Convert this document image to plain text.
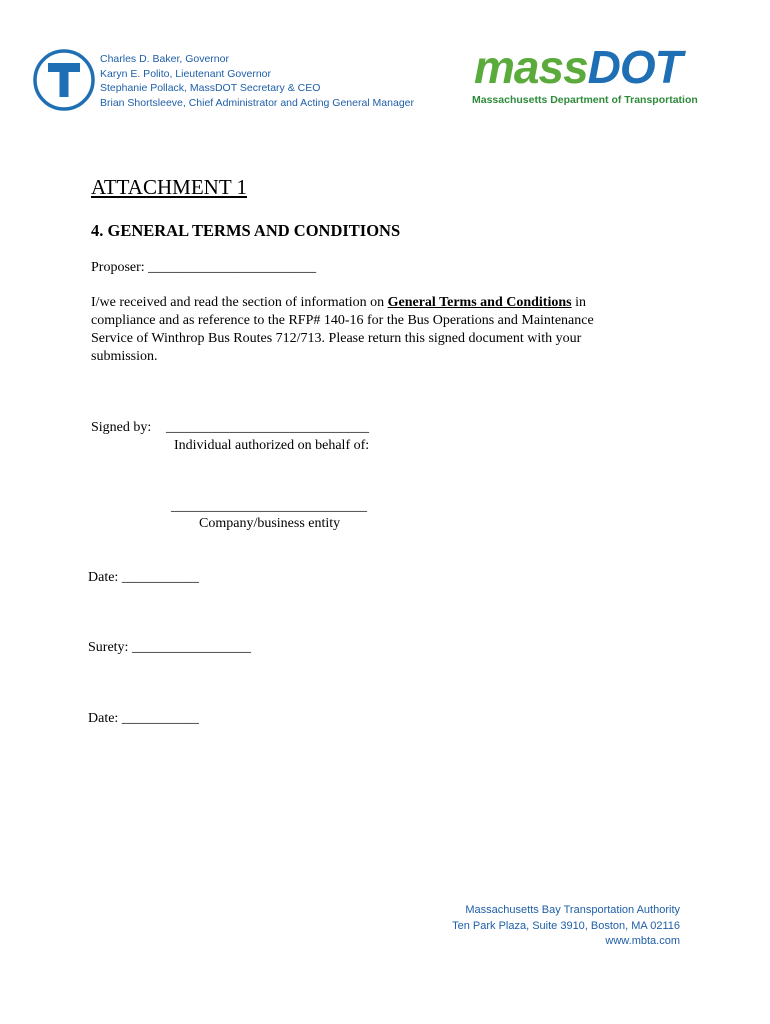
Charles D. Baker, Governor
Karyn E. Polito, Lieutenant Governor
Stephanie Pollack, MassDOT Secretary & CEO
Brian Shortsleeve, Chief Administrator and Acting General Manager
massDOT
Massachusetts Department of Transportation
ATTACHMENT 1
4. GENERAL TERMS AND CONDITIONS
Proposer: ________________________
I/we received and read the section of information on General Terms and Conditions in
compliance and as reference to the RFP# 140-16 for the Bus Operations and Maintenance
Service of Winthrop Bus Routes 712/713. Please return this signed document with your
submission.
Signed by: _____________________________
Individual authorized on behalf of:
____________________________
Company/business entity
Date: ___________
Surety: _________________
Date: ___________
Massachusetts Bay Transportation Authority
Ten Park Plaza, Suite 3910, Boston, MA 02116
www.mbta.com
